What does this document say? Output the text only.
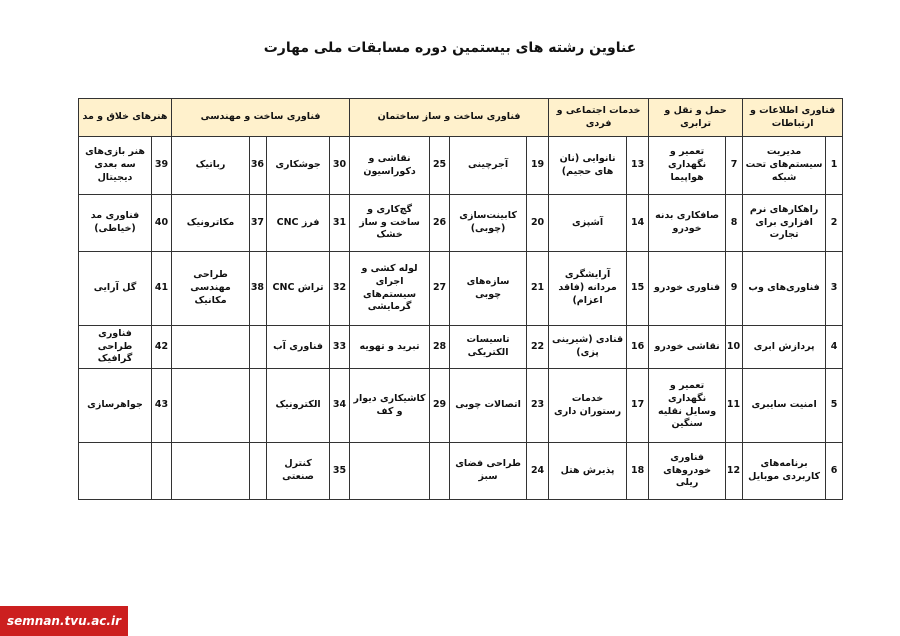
عناوین رشته های بیستمین دوره مسابقات ملی مهارت
فناوری اطلاعات و ارتباطات		حمل و نقل و ترابری		خدمات اجتماعی و فردی		فناوری ساخت و ساز ساختمان				فناوری ساخت و مهندسی				هنرهای خلاق و مد	
1	مدیریت سیستم‌های تحت شبکه	7	تعمیر و نگهداری هواپیما	13	نانوایی (نان های حجیم)	19	آجرچینی	25	نقاشی و دکوراسیون	30	جوشکاری	36	رباتیک	39	هنر بازی‌های سه بعدی دیجیتال
2	راهکارهای نرم افزاری برای تجارت	8	صافکاری بدنه خودرو	14	آشپزی	20	کابینت‌سازی (چوبی)	26	گچ‌کاری و ساخت و ساز خشک	31	فرز CNC	37	مکاترونیک	40	فناوری مد (خیاطی)
3	فناوری‌های وب	9	فناوری خودرو	15	آرایشگری مردانه (فاقد اعزام)	21	سازه‌های چوبی	27	لوله کشی و اجرای سیستم‌های گرمایشی	32	تراش CNC	38	طراحی مهندسی مکانیک	41	گل آرایی
4	پردازش ابری	10	نقاشی خودرو	16	قنادی (شیرینی پزی)	22	تاسیسات الکتریکی	28	تبرید و تهویه	33	فناوری آب			42	فناوری طراحی گرافیک
5	امنیت سایبری	11	تعمیر و نگهداری وسایل نقلیه سنگین	17	خدمات رستوران داری	23	اتصالات چوبی	29	کاشیکاری دیوار و کف	34	الکترونیک			43	جواهرسازی
6	برنامه‌های کاربردی موبایل	12	فناوری خودروهای ریلی	18	پذیرش هتل	24	طراحی فضای سبز			35	کنترل صنعتی				
semnan.tvu.ac.ir
